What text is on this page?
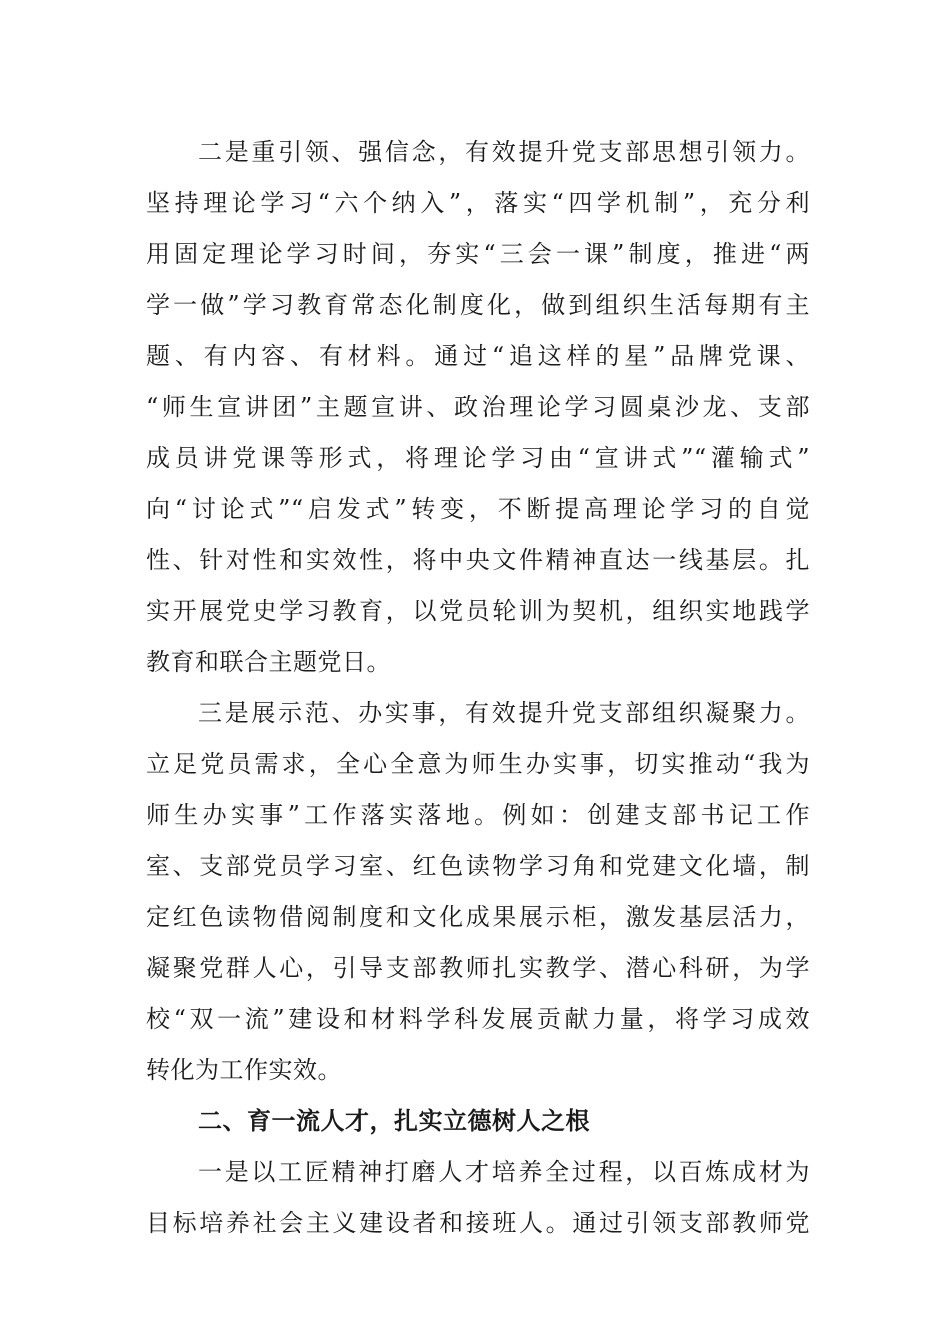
二是重引领、强信念，有效提升党支部思想引领力。
坚持理论学习“六个纳入”，落实“四学机制”，充分利
用固定理论学习时间，夯实“三会一课”制度，推进“两
学一做”学习教育常态化制度化，做到组织生活每期有主
题、有内容、有材料。通过“追这样的星”品牌党课、
“师生宣讲团”主题宣讲、政治理论学习圆桌沙龙、支部
成员讲党课等形式，将理论学习由“宣讲式”“灌输式”
向“讨论式”“启发式”转变，不断提高理论学习的自觉
性、针对性和实效性，将中央文件精神直达一线基层。扎
实开展党史学习教育，以党员轮训为契机，组织实地践学
教育和联合主题党日。
三是展示范、办实事，有效提升党支部组织凝聚力。
立足党员需求，全心全意为师生办实事，切实推动“我为
师生办实事”工作落实落地。例如：创建支部书记工作
室、支部党员学习室、红色读物学习角和党建文化墙，制
定红色读物借阅制度和文化成果展示柜，激发基层活力，
凝聚党群人心，引导支部教师扎实教学、潜心科研，为学
校“双一流”建设和材料学科发展贡献力量，将学习成效
转化为工作实效。
二、育一流人才，扎实立德树人之根
一是以工匠精神打磨人才培养全过程，以百炼成材为
目标培养社会主义建设者和接班人。通过引领支部教师党
